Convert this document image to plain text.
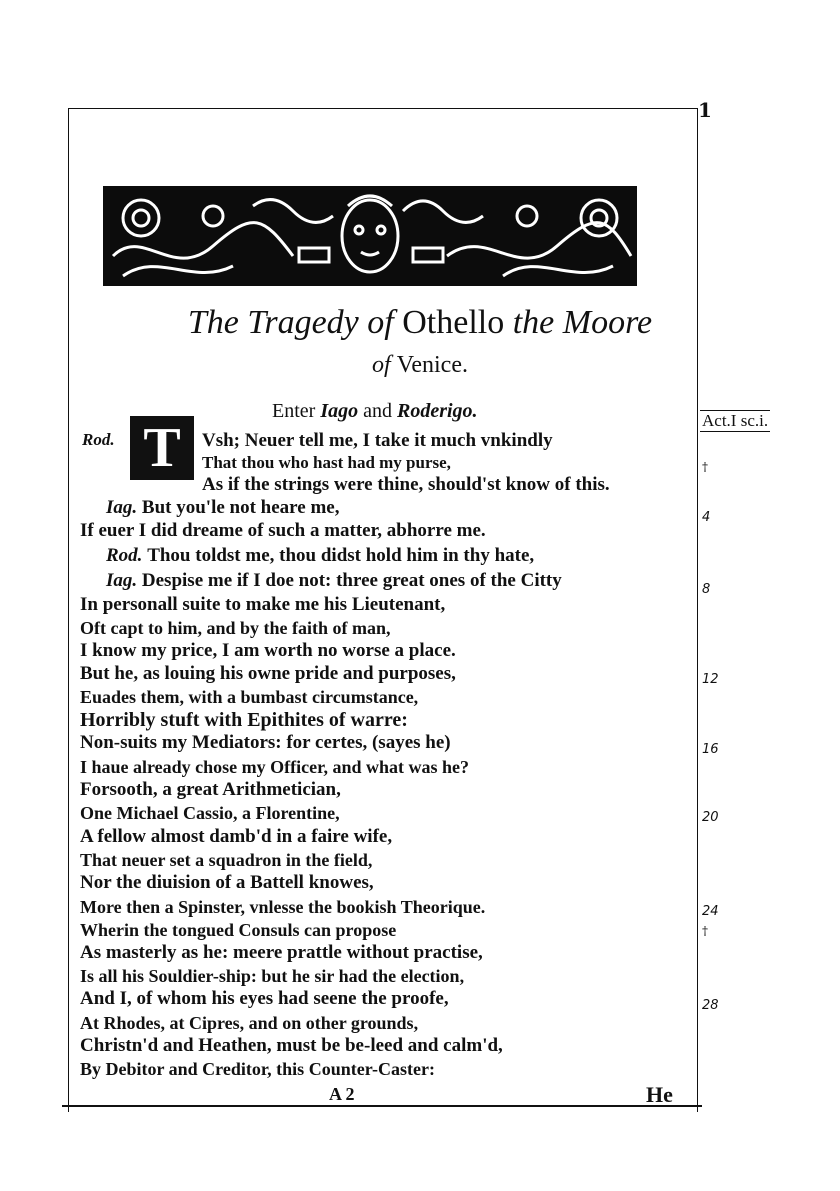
1
The Tragedy of Othello the Moore
of Venice.
Enter Iago and Roderigo.
T
Rod.	Vsh; Neuer tell me, I take it much vnkindly
That thou who hast had my purse,
As if the strings were thine, should'st know of this.
Iag. But you'le not heare me,
If euer I did dreame of such a matter, abhorre me.
Rod. Thou toldst me, thou didst hold him in thy hate,
Iag. Despise me if I doe not: three great ones of the Citty
In personall suite to make me his Lieutenant,
Oft capt to him, and by the faith of man,
I know my price, I am worth no worse a place.
But he, as louing his owne pride and purposes,
Euades them, with a bumbast circumstance,
Horribly stuft with Epithites of warre:
Non-suits my Mediators: for certes, (sayes he)
I haue already chose my Officer, and what was he?
Forsooth, a great Arithmetician,
One Michael Cassio, a Florentine,
A fellow almost damb'd in a faire wife,
That neuer set a squadron in the field,
Nor the diuision of a Battell knowes,
More then a Spinster, vnlesse the bookish Theorique.
Wherin the tongued Consuls can propose
As masterly as he: meere prattle without practise,
Is all his Souldier-ship: but he sir had the election,
And I, of whom his eyes had seene the proofe,
At Rhodes, at Cipres, and on other grounds,
Christn'd and Heathen, must be be-leed and calm'd,
By Debitor and Creditor, this Counter-Caster:
Act.I sc.i.
†
†
4
8
12
16
20
24
28
A 2	He
